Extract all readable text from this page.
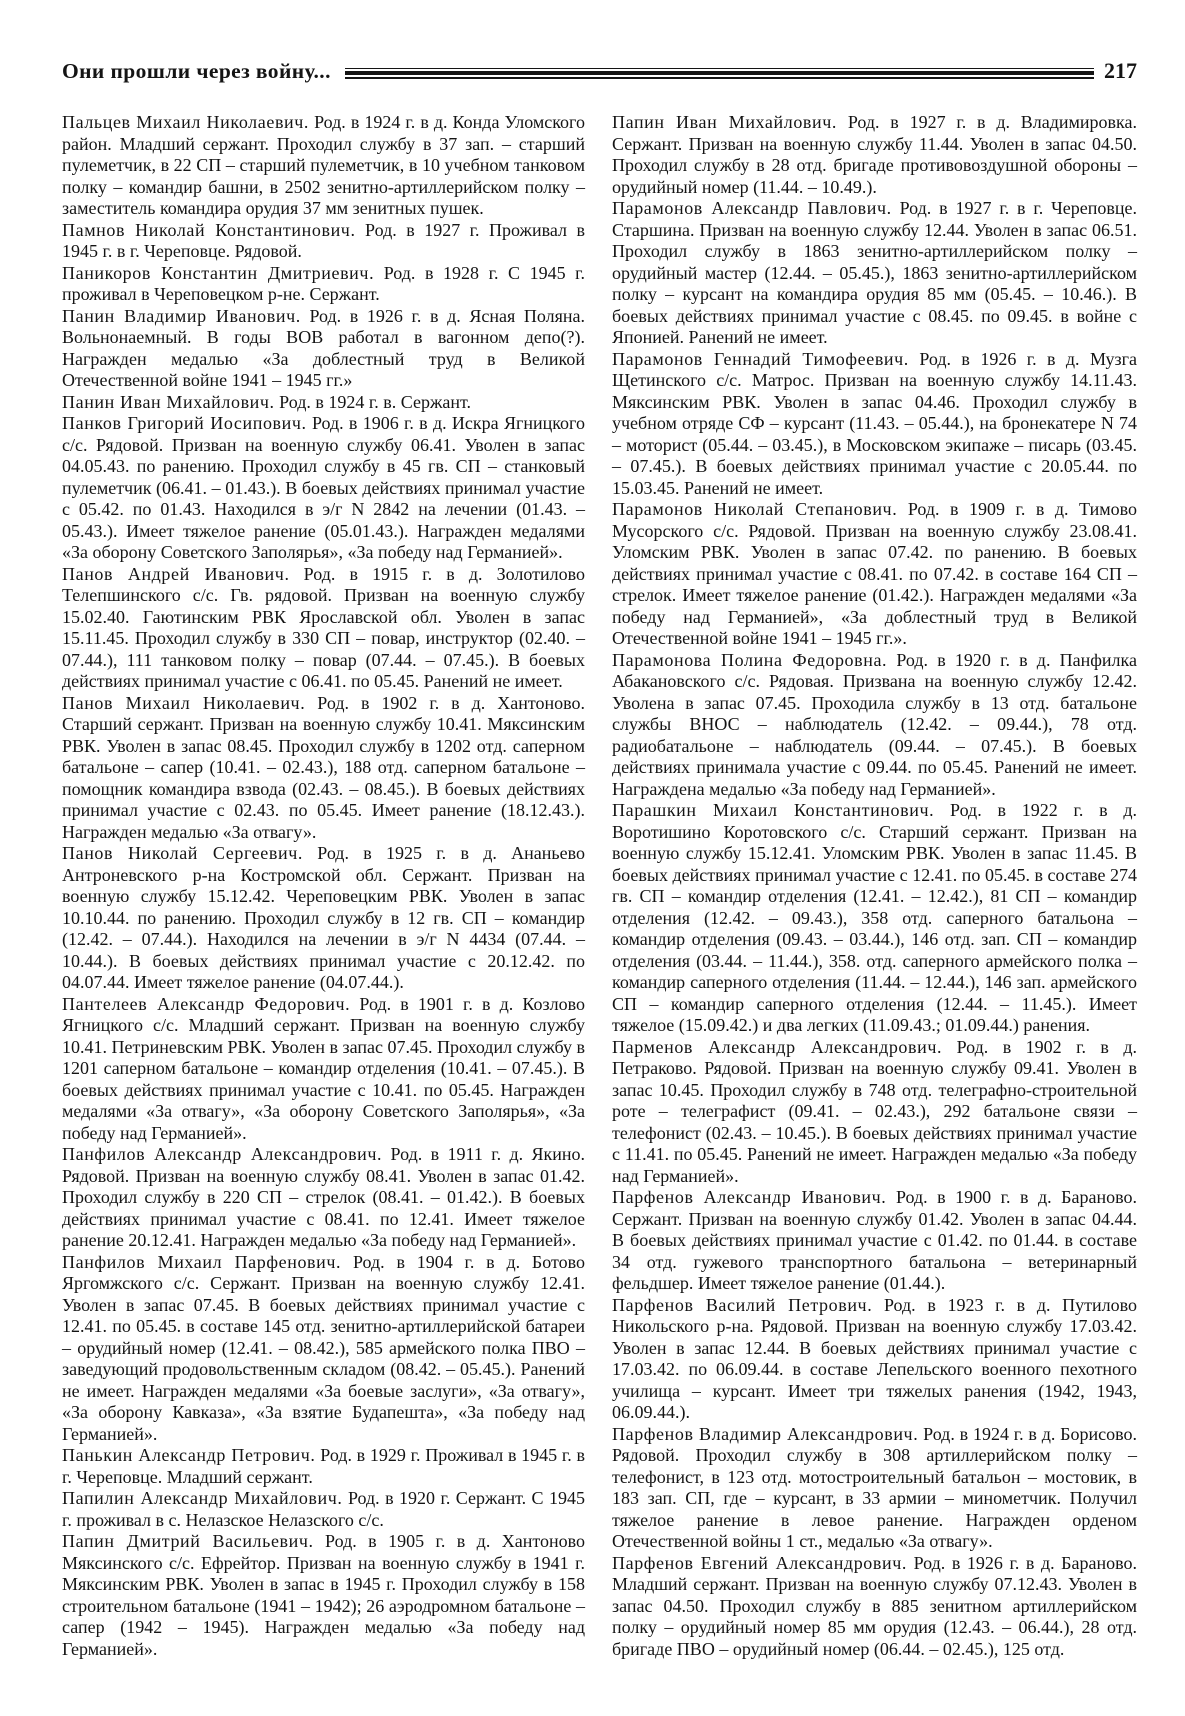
Они прошли через войну...	217

Пальцев Михаил Николаевич. Род. в 1924 г. в д. Конда Уломского район. Младший сержант. Проходил службу в 37 зап. – старший пулеметчик, в 22 СП – старший пулеметчик, в 10 учебном танковом полку – командир башни, в 2502 зенитно-артиллерийском полку – заместитель командира орудия 37 мм зенитных пушек.

Памнов Николай Константинович. Род. в 1927 г. Проживал в 1945 г. в г. Череповце. Рядовой.

Паникоров Константин Дмитриевич. Род. в 1928 г. С 1945 г. проживал в Череповецком р-не. Сержант.

Панин Владимир Иванович. Род. в 1926 г. в д. Ясная Поляна. Вольнонаемный. В годы ВОВ работал в вагонном депо(?). Награжден медалью «За доблестный труд в Великой Отечественной войне 1941 – 1945 гг.»

Панин Иван Михайлович. Род. в 1924 г. в. Сержант.

Панков Григорий Иосипович. Род. в 1906 г. в д. Искра Ягницкого с/с. Рядовой. Призван на военную службу 06.41. Уволен в запас 04.05.43. по ранению. Проходил службу в 45 гв. СП – станковый пулеметчик (06.41. – 01.43.). В боевых действиях принимал участие с 05.42. по 01.43. Находился в э/г N 2842 на лечении (01.43. – 05.43.). Имеет тяжелое ранение (05.01.43.). Награжден медалями «За оборону Советского Заполярья», «За победу над Германией».

Панов Андрей Иванович. Род. в 1915 г. в д. Золотилово Телепшинского с/с. Гв. рядовой. Призван на военную службу 15.02.40. Гаютинским РВК Ярославской обл. Уволен в запас 15.11.45. Проходил службу в 330 СП – повар, инструктор (02.40. – 07.44.), 111 танковом полку – повар (07.44. – 07.45.). В боевых действиях принимал участие с 06.41. по 05.45. Ранений не имеет.

Панов Михаил Николаевич. Род. в 1902 г. в д. Хантоново. Старший сержант. Призван на военную службу 10.41. Мяксинским РВК. Уволен в запас 08.45. Проходил службу в 1202 отд. саперном батальоне – сапер (10.41. – 02.43.), 188 отд. саперном батальоне – помощник командира взвода (02.43. – 08.45.). В боевых действиях принимал участие с 02.43. по 05.45. Имеет ранение (18.12.43.). Награжден медалью «За отвагу».

Панов Николай Сергеевич. Род. в 1925 г. в д. Ананьево Антроневского р-на Костромской обл. Сержант. Призван на военную службу 15.12.42. Череповецким РВК. Уволен в запас 10.10.44. по ранению. Проходил службу в 12 гв. СП – командир (12.42. – 07.44.). Находился на лечении в э/г N 4434 (07.44. – 10.44.). В боевых действиях принимал участие с 20.12.42. по 04.07.44. Имеет тяжелое ранение (04.07.44.).

Пантелеев Александр Федорович. Род. в 1901 г. в д. Козлово Ягницкого с/с. Младший сержант. Призван на военную службу 10.41. Петриневским РВК. Уволен в запас 07.45. Проходил службу в 1201 саперном батальоне – командир отделения (10.41. – 07.45.). В боевых действиях принимал участие с 10.41. по 05.45. Награжден медалями «За отвагу», «За оборону Советского Заполярья», «За победу над Германией».

Панфилов Александр Александрович. Род. в 1911 г. д. Якино. Рядовой. Призван на военную службу 08.41. Уволен в запас 01.42. Проходил службу в 220 СП – стрелок (08.41. – 01.42.). В боевых действиях принимал участие с 08.41. по 12.41. Имеет тяжелое ранение 20.12.41. Награжден медалью «За победу над Германией».

Панфилов Михаил Парфенович. Род. в 1904 г. в д. Ботово Яргомжского с/с. Сержант. Призван на военную службу 12.41. Уволен в запас 07.45. В боевых действиях принимал участие с 12.41. по 05.45. в составе 145 отд. зенитно-артиллерийской батареи – орудийный номер (12.41. – 08.42.), 585 армейского полка ПВО – заведующий продовольственным складом (08.42. – 05.45.). Ранений не имеет. Награжден медалями «За боевые заслуги», «За отвагу», «За оборону Кавказа», «За взятие Будапешта», «За победу над Германией».

Панькин Александр Петрович. Род. в 1929 г. Проживал в 1945 г. в г. Череповце. Младший сержант.

Папилин Александр Михайлович. Род. в 1920 г. Сержант. С 1945 г. проживал в с. Нелазское Нелазского с/с.

Папин Дмитрий Васильевич. Род. в 1905 г. в д. Хантоново Мяксинского с/с. Ефрейтор. Призван на военную службу в 1941 г. Мяксинским РВК. Уволен в запас в 1945 г. Проходил службу в 158 строительном батальоне (1941 – 1942); 26 аэродромном батальоне – сапер (1942 – 1945). Награжден медалью «За победу над Германией».

Папин Иван Михайлович. Род. в 1927 г. в д. Владимировка. Сержант. Призван на военную службу 11.44. Уволен в запас 04.50. Проходил службу в 28 отд. бригаде противовоздушной обороны – орудийный номер (11.44. – 10.49.).

Парамонов Александр Павлович. Род. в 1927 г. в г. Череповце. Старшина. Призван на военную службу 12.44. Уволен в запас 06.51. Проходил службу в 1863 зенитно-артиллерийском полку – орудийный мастер (12.44. – 05.45.), 1863 зенитно-артиллерийском полку – курсант на командира орудия 85 мм (05.45. – 10.46.). В боевых действиях принимал участие с 08.45. по 09.45. в войне с Японией. Ранений не имеет.

Парамонов Геннадий Тимофеевич. Род. в 1926 г. в д. Музга Щетинского с/с. Матрос. Призван на военную службу 14.11.43. Мяксинским РВК. Уволен в запас 04.46. Проходил службу в учебном отряде СФ – курсант (11.43. – 05.44.), на бронекатере N 74 – моторист (05.44. – 03.45.), в Московском экипаже – писарь (03.45. – 07.45.). В боевых действиях принимал участие с 20.05.44. по 15.03.45. Ранений не имеет.

Парамонов Николай Степанович. Род. в 1909 г. в д. Тимово Мусорского с/с. Рядовой. Призван на военную службу 23.08.41. Уломским РВК. Уволен в запас 07.42. по ранению. В боевых действиях принимал участие с 08.41. по 07.42. в составе 164 СП – стрелок. Имеет тяжелое ранение (01.42.). Награжден медалями «За победу над Германией», «За доблестный труд в Великой Отечественной войне 1941 – 1945 гг.».

Парамонова Полина Федоровна. Род. в 1920 г. в д. Панфилка Абакановского с/с. Рядовая. Призвана на военную службу 12.42. Уволена в запас 07.45. Проходила службу в 13 отд. батальоне службы ВНОС – наблюдатель (12.42. – 09.44.), 78 отд. радиобатальоне – наблюдатель (09.44. – 07.45.). В боевых действиях принимала участие с 09.44. по 05.45. Ранений не имеет. Награждена медалью «За победу над Германией».

Парашкин Михаил Константинович. Род. в 1922 г. в д. Воротишино Коротовского с/с. Старший сержант. Призван на военную службу 15.12.41. Уломским РВК. Уволен в запас 11.45. В боевых действиях принимал участие с 12.41. по 05.45. в составе 274 гв. СП – командир отделения (12.41. – 12.42.), 81 СП – командир отделения (12.42. – 09.43.), 358 отд. саперного батальона – командир отделения (09.43. – 03.44.), 146 отд. зап. СП – командир отделения (03.44. – 11.44.), 358. отд. саперного армейского полка – командир саперного отделения (11.44. – 12.44.), 146 зап. армейского СП – командир саперного отделения (12.44. – 11.45.). Имеет тяжелое (15.09.42.) и два легких (11.09.43.; 01.09.44.) ранения.

Парменов Александр Александрович. Род. в 1902 г. в д. Петраково. Рядовой. Призван на военную службу 09.41. Уволен в запас 10.45. Проходил службу в 748 отд. телеграфно-строительной роте – телеграфист (09.41. – 02.43.), 292 батальоне связи – телефонист (02.43. – 10.45.). В боевых действиях принимал участие с 11.41. по 05.45. Ранений не имеет. Награжден медалью «За победу над Германией».

Парфенов Александр Иванович. Род. в 1900 г. в д. Бараново. Сержант. Призван на военную службу 01.42. Уволен в запас 04.44. В боевых действиях принимал участие с 01.42. по 01.44. в составе 34 отд. гужевого транспортного батальона – ветеринарный фельдшер. Имеет тяжелое ранение (01.44.).

Парфенов Василий Петрович. Род. в 1923 г. в д. Путилово Никольского р-на. Рядовой. Призван на военную службу 17.03.42. Уволен в запас 12.44. В боевых действиях принимал участие с 17.03.42. по 06.09.44. в составе Лепельского военного пехотного училища – курсант. Имеет три тяжелых ранения (1942, 1943, 06.09.44.).

Парфенов Владимир Александрович. Род. в 1924 г. в д. Борисово. Рядовой. Проходил службу в 308 артиллерийском полку – телефонист, в 123 отд. мотостроительный батальон – мостовик, в 183 зап. СП, где – курсант, в 33 армии – минометчик. Получил тяжелое ранение в левое ранение. Награжден орденом Отечественной войны 1 ст., медалью «За отвагу».

Парфенов Евгений Александрович. Род. в 1926 г. в д. Бараново. Младший сержант. Призван на военную службу 07.12.43. Уволен в запас 04.50. Проходил службу в 885 зенитном артиллерийском полку – орудийный номер 85 мм орудия (12.43. – 06.44.), 28 отд. бригаде ПВО – орудийный номер (06.44. – 02.45.), 125 отд.
